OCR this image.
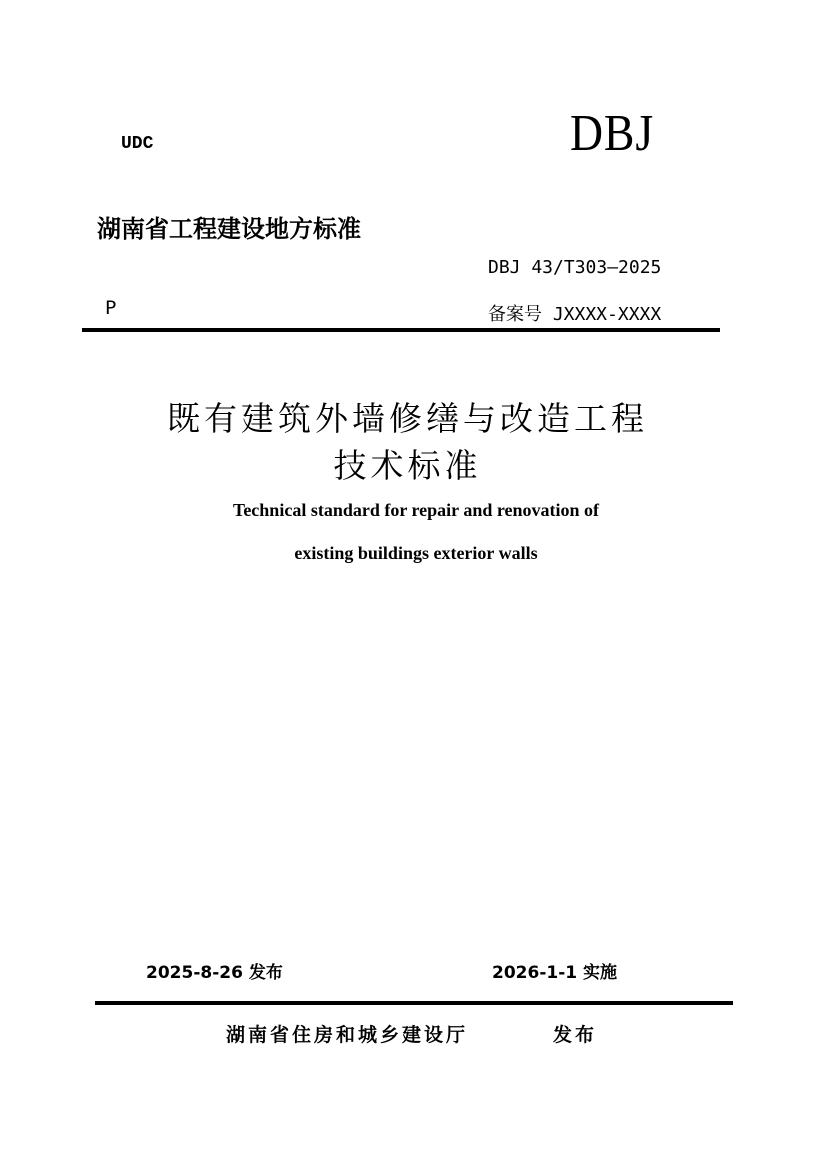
UDC	DBJ
湖南省工程建设地方标准
DBJ 43/T303—2025
P	备案号 JXXXX-XXXX
既有建筑外墙修缮与改造工程
技术标准
Technical standard for repair and renovation of
existing buildings exterior walls
2025-8-26 发布	2026-1-1 实施
湖南省住房和城乡建设厅	发布
